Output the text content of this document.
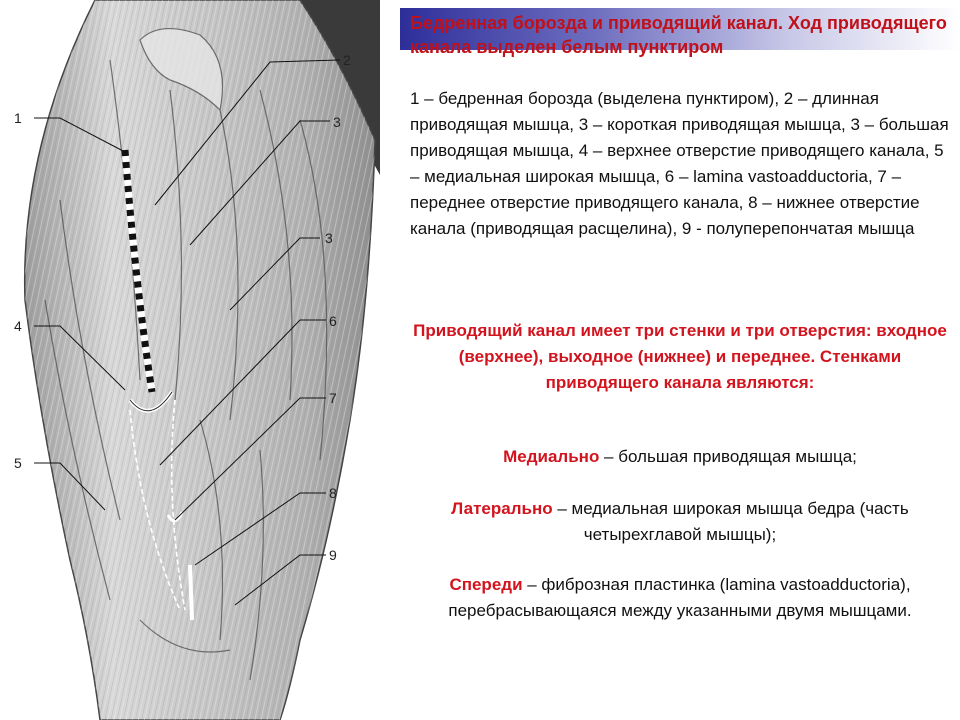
1
2
3
3
4
5
6
7
8
9

Бедренная борозда и приводящий канал. Ход приводящего канала выделен белым пунктиром

1 – бедренная борозда (выделена пунктиром), 2 – длинная приводящая мышца, 3 – короткая приводящая мышца, 3 – большая приводящая мышца, 4 – верхнее отверстие приводящего канала, 5 – медиальная широкая мышца, 6 – lamina vastoadductoria, 7 – переднее отверстие приводящего канала, 8 – нижнее отверстие канала (приводящая расщелина), 9 - полуперепончатая мышца

Приводящий канал имеет три стенки и три отверстия: входное (верхнее), выходное (нижнее) и переднее. Стенками приводящего канала являются:

Медиально – большая приводящая мышца;

Латерально – медиальная широкая мышца бедра (часть четырехглавой мышцы);

Спереди – фиброзная пластинка (lamina vastoadductoria), перебрасывающаяся между указанными двумя мышцами.
